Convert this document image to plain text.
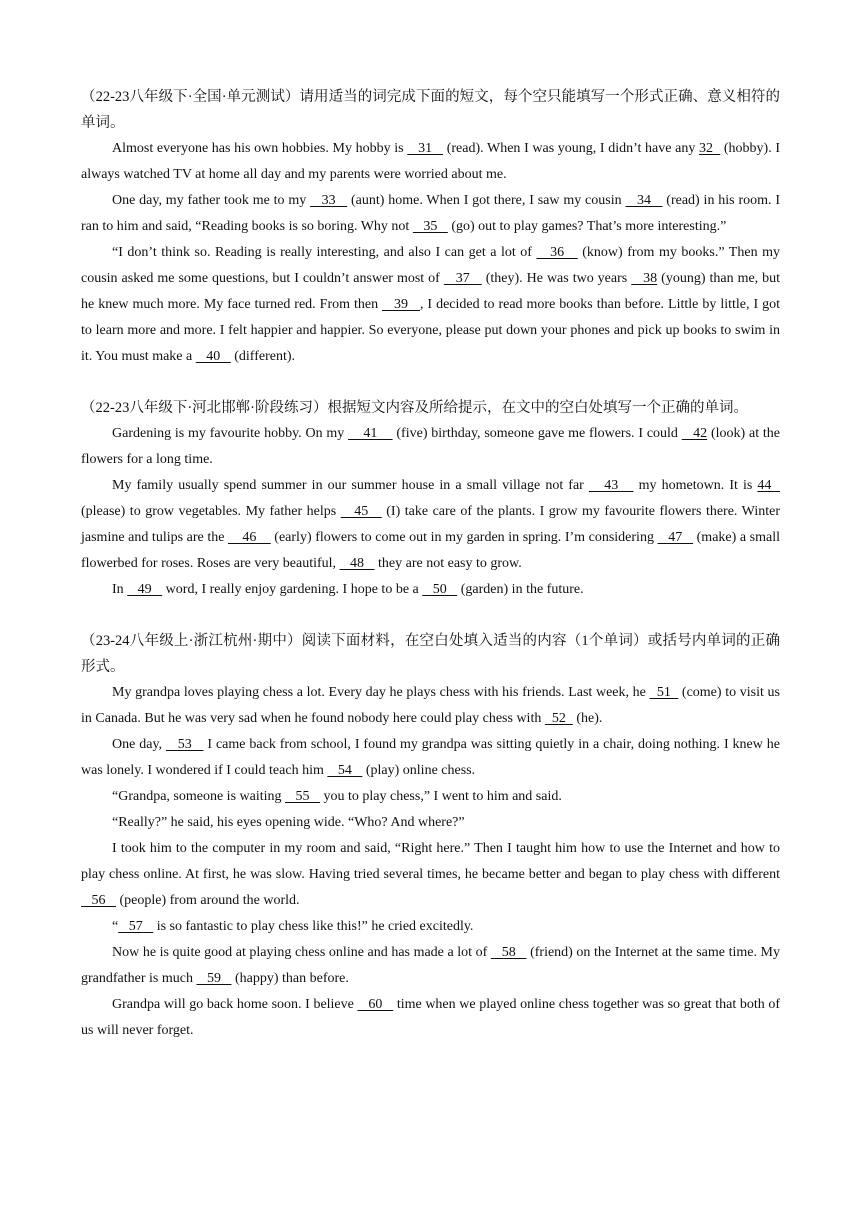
（22-23八年级下·全国·单元测试）请用适当的词完成下面的短文，每个空只能填写一个形式正确、意义相符的单词。

Almost everyone has his own hobbies. My hobby is    31    (read). When I was young, I didn’t have any 32   (hobby). I always watched TV at home all day and my parents were worried about me.

One day, my father took me to my    33    (aunt) home. When I got there, I saw my cousin    34    (read) in his room. I ran to him and said, “Reading books is so boring. Why not    35    (go) out to play games? That’s more interesting.”

“I don’t think so. Reading is really interesting, and also I can get a lot of    36    (know) from my books.” Then my cousin asked me some questions, but I couldn’t answer most of    37    (they). He was two years    38 (young) than me, but he knew much more. My face turned red. From then    39   , I decided to read more books than before. Little by little, I got to learn more and more. I felt happier and happier. So everyone, please put down your phones and pick up books to swim in it. You must make a    40    (different).

（22-23八年级下·河北邯郸·阶段练习）根据短文内容及所给提示，在文中的空白处填写一个正确的单词。

Gardening is my favourite hobby. On my     41     (five) birthday, someone gave me flowers. I could    42 (look) at the flowers for a long time.

My family usually spend summer in our summer house in a small village not far    43    my hometown. It is 44   (please) to grow vegetables. My father helps    45    (I) take care of the plants. I grow my favourite flowers there. Winter jasmine and tulips are the     46     (early) flowers to come out in my garden in spring. I’m considering    47    (make) a small flowerbed for roses. Roses are very beautiful,    48    they are not easy to grow.

In    49    word, I really enjoy gardening. I hope to be a    50    (garden) in the future.

（23-24八年级上·浙江杭州·期中）阅读下面材料，在空白处填入适当的内容（1个单词）或括号内单词的正确形式。

My grandpa loves playing chess a lot. Every day he plays chess with his friends. Last week, he   51   (come) to visit us in Canada. But he was very sad when he found nobody here could play chess with   52   (he).

One day,    53    I came back from school, I found my grandpa was sitting quietly in a chair, doing nothing. I knew he was lonely. I wondered if I could teach him    54    (play) online chess.

“Grandpa, someone is waiting    55    you to play chess,” I went to him and said.

“Really?” he said, his eyes opening wide. “Who? And where?”

I took him to the computer in my room and said, “Right here.” Then I taught him how to use the Internet and how to play chess online. At first, he was slow. Having tried several times, he became better and began to play chess with different    56    (people) from around the world.

“   57    is so fantastic to play chess like this!” he cried excitedly.

Now he is quite good at playing chess online and has made a lot of    58    (friend) on the Internet at the same time. My grandfather is much    59    (happy) than before.

Grandpa will go back home soon. I believe    60    time when we played online chess together was so great that both of us will never forget.
